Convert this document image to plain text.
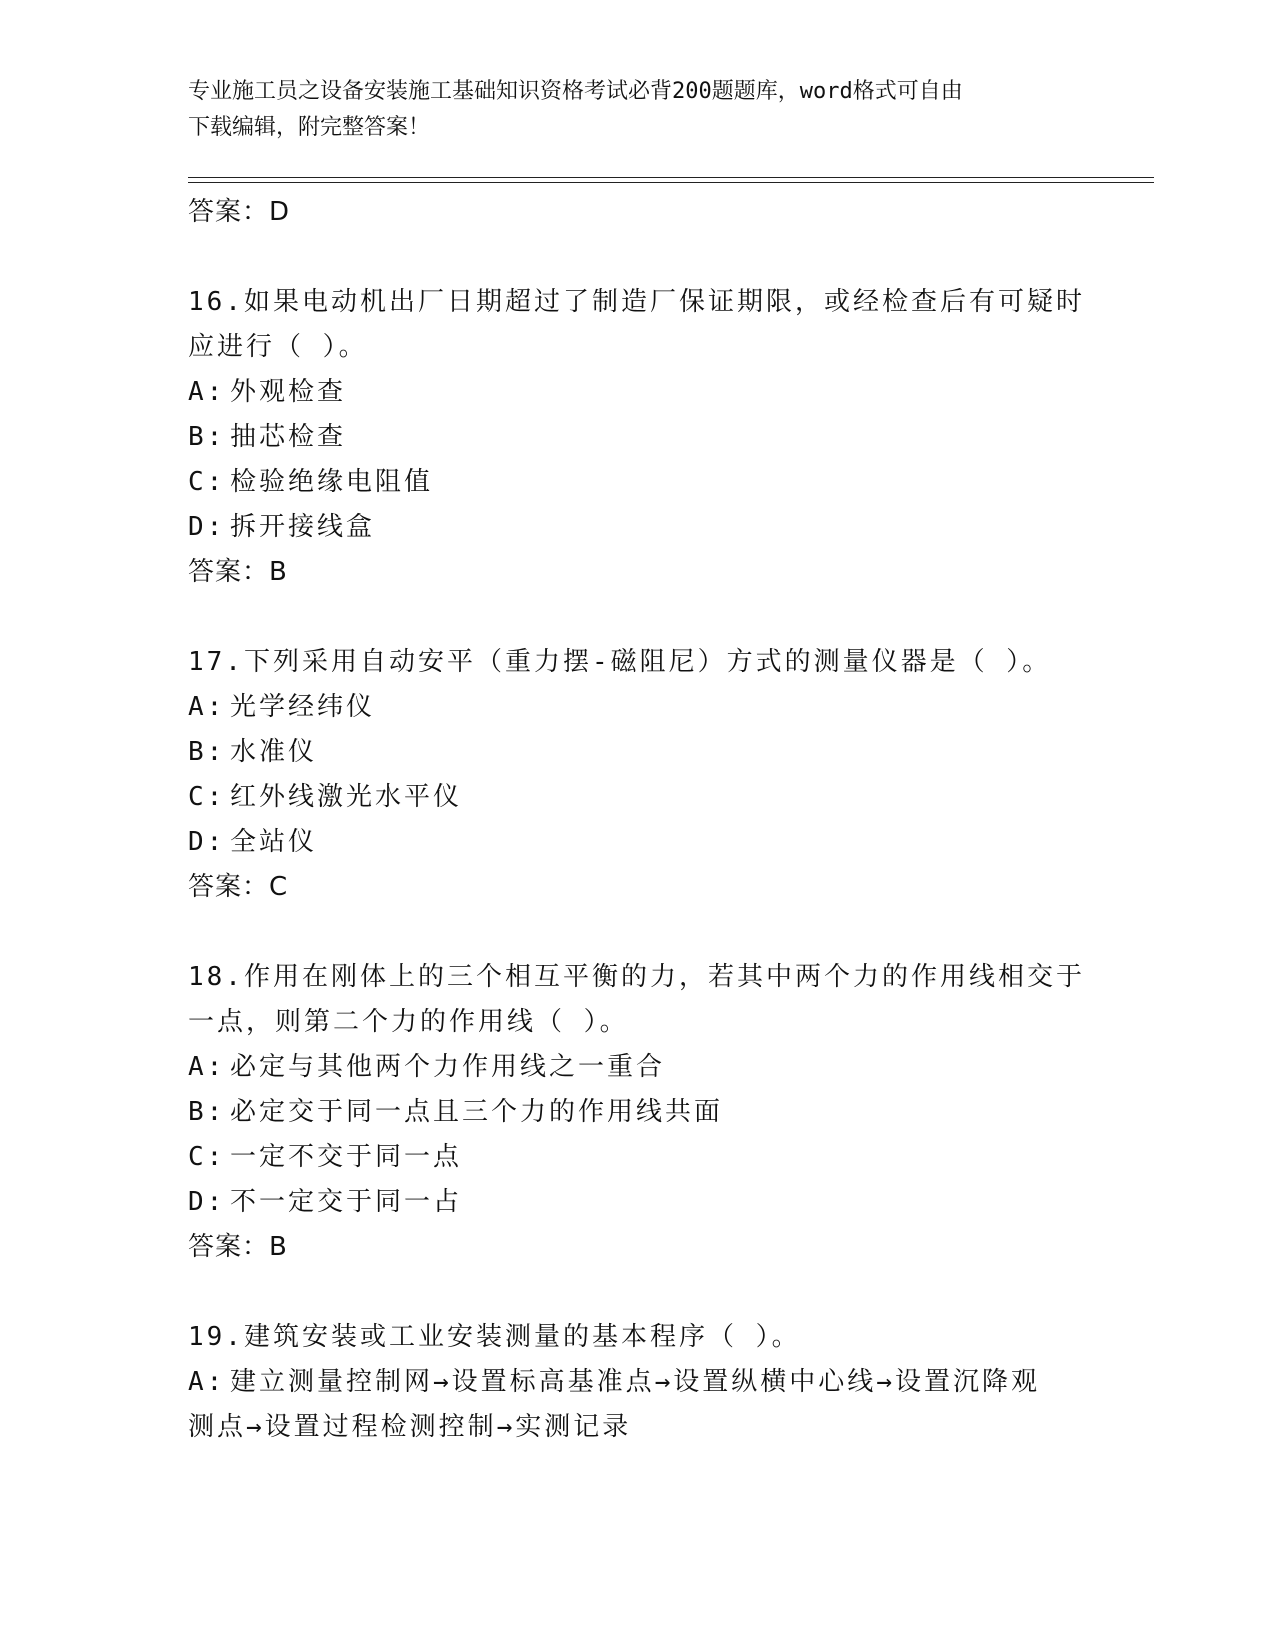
专业施工员之设备安装施工基础知识资格考试必背200题题库，word格式可自由
下载编辑，附完整答案！

答案：D

16.如果电动机出厂日期超过了制造厂保证期限，或经检查后有可疑时

应进行（ ）。

A: 外观检查

B: 抽芯检查

C: 检验绝缘电阻值

D: 拆开接线盒

答案：B

17.下列采用自动安平（重力摆-磁阻尼）方式的测量仪器是（ ）。

A: 光学经纬仪

B: 水准仪

C: 红外线激光水平仪

D: 全站仪

答案：C

18.作用在刚体上的三个相互平衡的力，若其中两个力的作用线相交于

一点，则第二个力的作用线（ ）。

A: 必定与其他两个力作用线之一重合

B: 必定交于同一点且三个力的作用线共面

C: 一定不交于同一点

D: 不一定交于同一占

答案：B

19.建筑安装或工业安装测量的基本程序（ ）。

A: 建立测量控制网→设置标高基准点→设置纵横中心线→设置沉降观

测点→设置过程检测控制→实测记录
